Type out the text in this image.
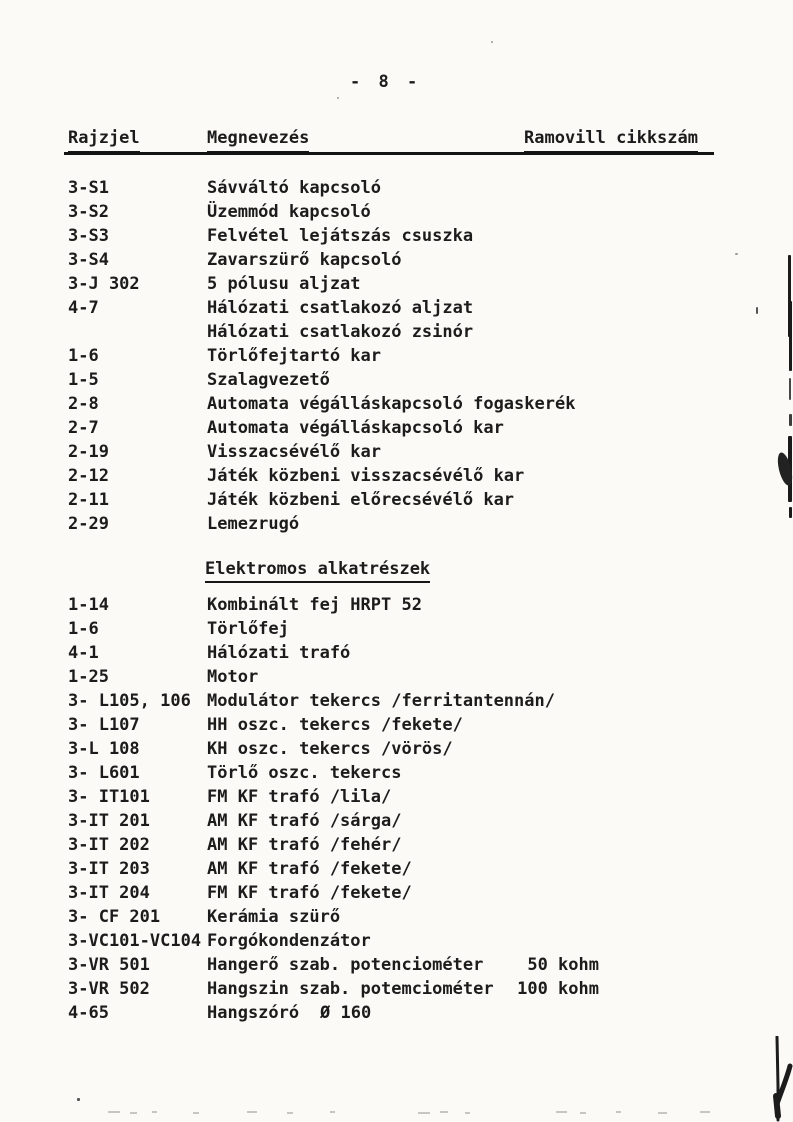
- 8 -
Rajzjel	Megnevezés	Ramovill cikkszám
3-S1	Sávváltó kapcsoló
3-S2	Üzemmód kapcsoló
3-S3	Felvétel lejátszás csuszka
3-S4	Zavarszürő kapcsoló
3-J 302	5 pólusu aljzat
4-7	Hálózati csatlakozó aljzat
Hálózati csatlakozó zsinór
1-6	Törlőfejtartó kar
1-5	Szalagvezető
2-8	Automata végálláskapcsoló fogaskerék
2-7	Automata végálláskapcsoló kar
2-19	Visszacsévélő kar
2-12	Játék közbeni visszacsévélő kar
2-11	Játék közbeni előrecsévélő kar
2-29	Lemezrugó
Elektromos alkatrészek
1-14	Kombinált fej HRPT 52
1-6	Törlőfej
4-1	Hálózati trafó
1-25	Motor
3- L105, 106 Modulátor tekercs /ferritantennán/
3- L107	HH oszc. tekercs /fekete/
3-L 108	KH oszc. tekercs /vörös/
3- L601	Törlő oszc. tekercs
3- IT101	FM KF trafó /lila/
3-IT 201	AM KF trafó /sárga/
3-IT 202	AM KF trafó /fehér/
3-IT 203	AM KF trafó /fekete/
3-IT 204	FM KF trafó /fekete/
3- CF 201	Kerámia szürő
3-VC101-VC104 Forgókondenzátor
3-VR 501	Hangerő szab. potenciométer	50 kohm
3-VR 502	Hangszin szab. potemciométer 100 kohm
4-65	Hangszóró Ø 160
